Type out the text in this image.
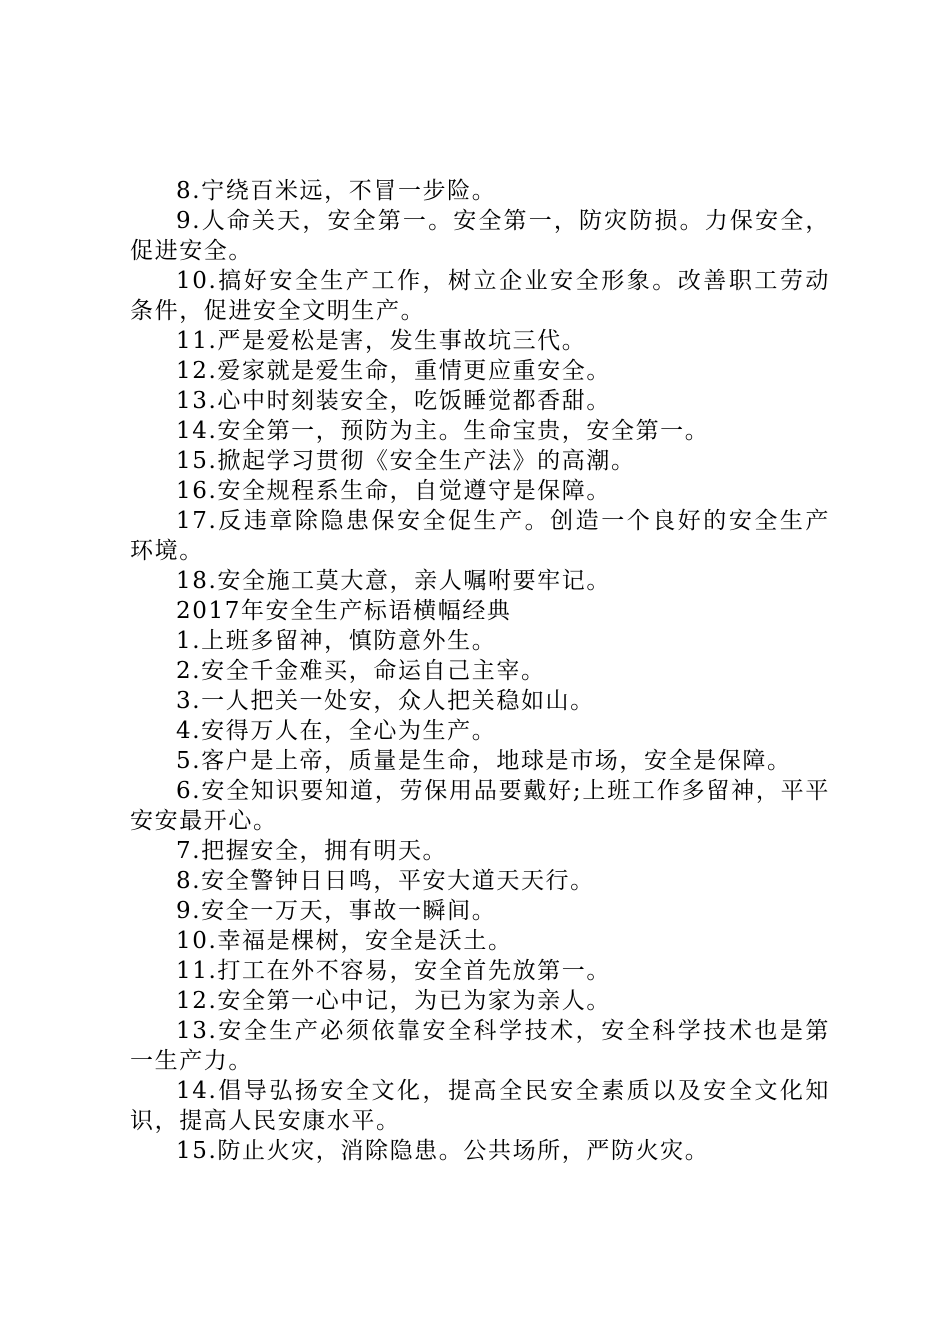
8.宁绕百米远，不冒一步险。

9.人命关天，安全第一。安全第一，防灾防损。力保安全，促进安全。

10.搞好安全生产工作，树立企业安全形象。改善职工劳动条件，促进安全文明生产。

11.严是爱松是害，发生事故坑三代。

12.爱家就是爱生命，重情更应重安全。

13.心中时刻装安全，吃饭睡觉都香甜。

14.安全第一，预防为主。生命宝贵，安全第一。

15.掀起学习贯彻《安全生产法》的高潮。

16.安全规程系生命，自觉遵守是保障。

17.反违章除隐患保安全促生产。创造一个良好的安全生产环境。

18.安全施工莫大意，亲人嘱咐要牢记。

2017年安全生产标语横幅经典

1.上班多留神，慎防意外生。

2.安全千金难买，命运自己主宰。

3.一人把关一处安，众人把关稳如山。

4.安得万人在，全心为生产。

5.客户是上帝，质量是生命，地球是市场，安全是保障。

6.安全知识要知道，劳保用品要戴好;上班工作多留神，平平安安最开心。

7.把握安全，拥有明天。

8.安全警钟日日鸣，平安大道天天行。

9.安全一万天，事故一瞬间。

10.幸福是棵树，安全是沃土。

11.打工在外不容易，安全首先放第一。

12.安全第一心中记，为已为家为亲人。

13.安全生产必须依靠安全科学技术，安全科学技术也是第一生产力。

14.倡导弘扬安全文化，提高全民安全素质以及安全文化知识，提高人民安康水平。

15.防止火灾，消除隐患。公共场所，严防火灾。
